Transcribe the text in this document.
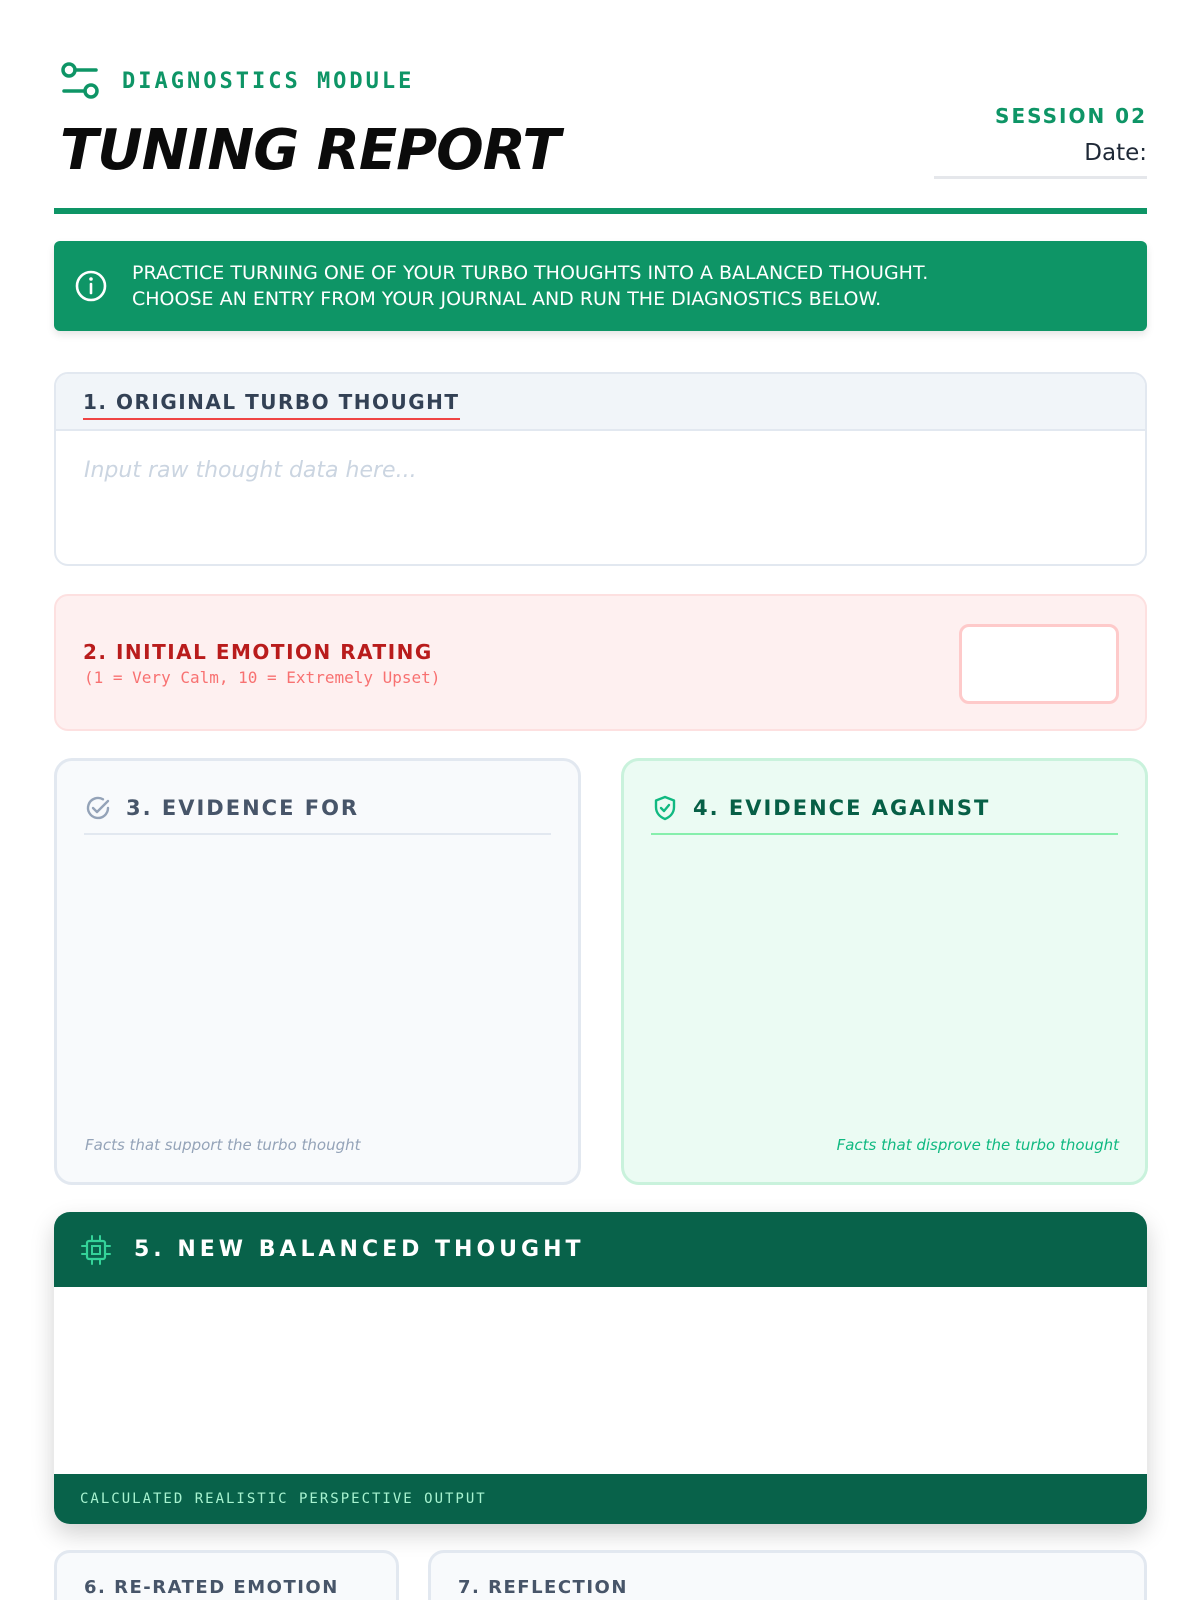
DIAGNOSTICS MODULE
TUNING REPORT
SESSION 02
Date:
PRACTICE TURNING ONE OF YOUR TURBO THOUGHTS INTO A BALANCED THOUGHT.
CHOOSE AN ENTRY FROM YOUR JOURNAL AND RUN THE DIAGNOSTICS BELOW.
1. ORIGINAL TURBO THOUGHT
Input raw thought data here...
2. INITIAL EMOTION RATING
(1 = Very Calm, 10 = Extremely Upset)
3. EVIDENCE FOR
Facts that support the turbo thought
4. EVIDENCE AGAINST
Facts that disprove the turbo thought
5. NEW BALANCED THOUGHT
CALCULATED REALISTIC PERSPECTIVE OUTPUT
6. RE-RATED EMOTION	7. REFLECTION
